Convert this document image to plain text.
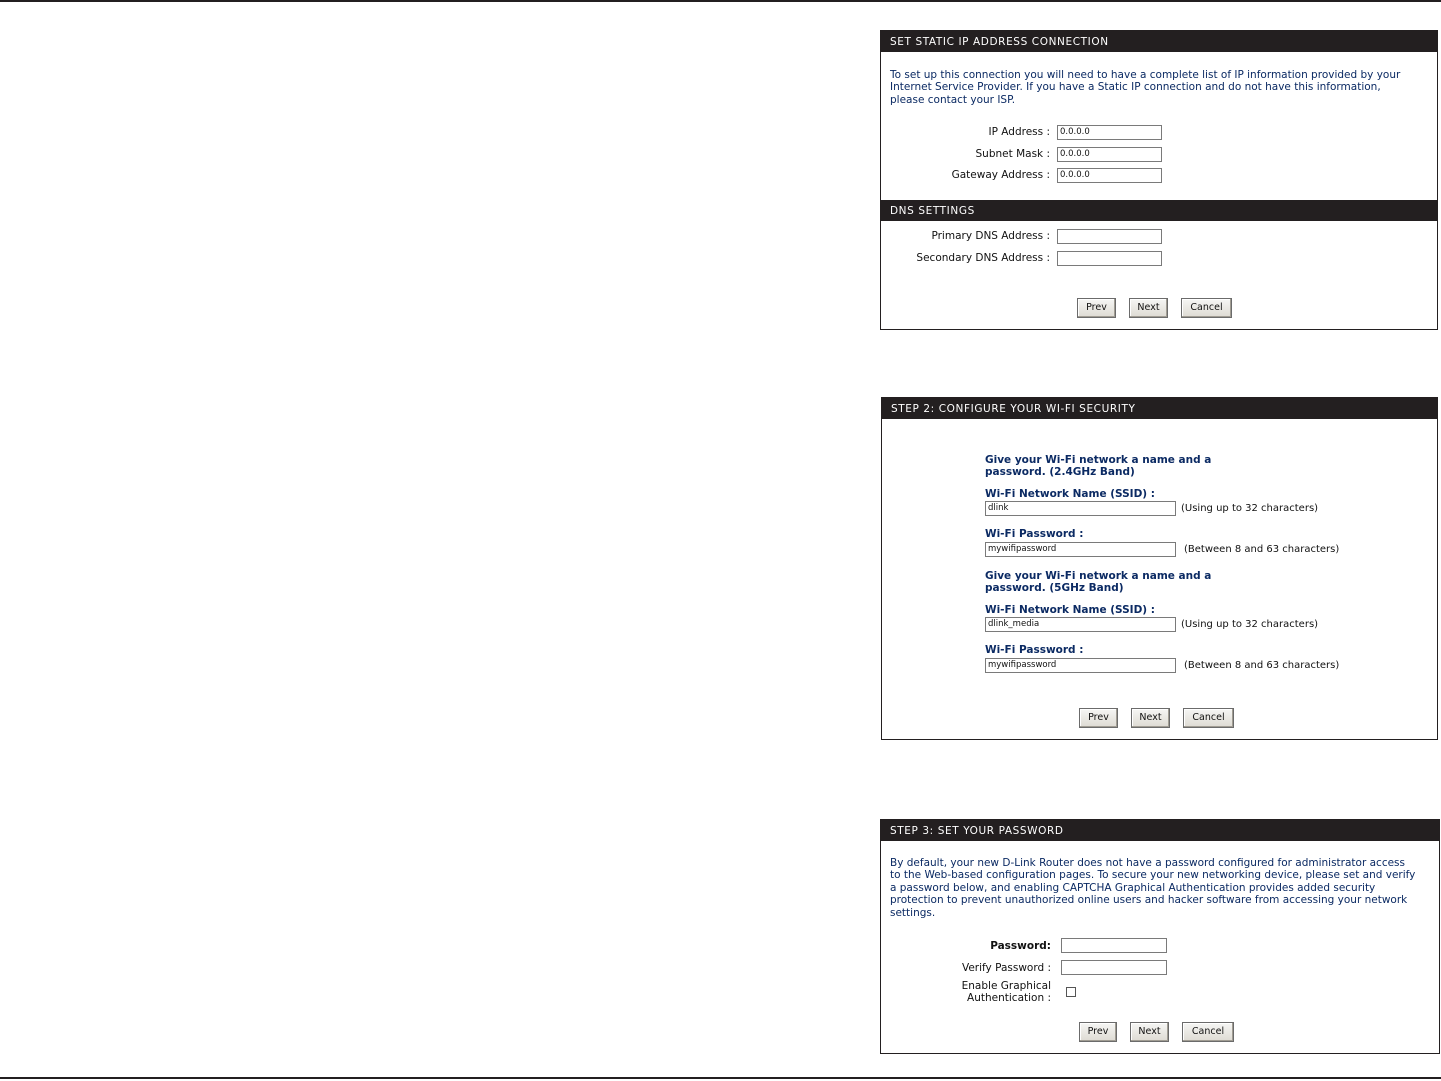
SET STATIC IP ADDRESS CONNECTION
To set up this connection you will need to have a complete list of IP information provided by your
Internet Service Provider. If you have a Static IP connection and do not have this information,
please contact your ISP.
IP Address :	0.0.0.0
Subnet Mask :	0.0.0.0
Gateway Address :	0.0.0.0
DNS SETTINGS
Primary DNS Address :
Secondary DNS Address :
Prev	Next	Cancel
STEP 2: CONFIGURE YOUR WI-FI SECURITY
Give your Wi-Fi network a name and a
password. (2.4GHz Band)
Wi-Fi Network Name (SSID) :
dlink	(Using up to 32 characters)
Wi-Fi Password :
mywifipassword	(Between 8 and 63 characters)
Give your Wi-Fi network a name and a
password. (5GHz Band)
Wi-Fi Network Name (SSID) :
dlink_media	(Using up to 32 characters)
Wi-Fi Password :
mywifipassword	(Between 8 and 63 characters)
Prev	Next	Cancel
STEP 3: SET YOUR PASSWORD
By default, your new D-Link Router does not have a password configured for administrator access
to the Web-based configuration pages. To secure your new networking device, please set and verify
a password below, and enabling CAPTCHA Graphical Authentication provides added security
protection to prevent unauthorized online users and hacker software from accessing your network
settings.
Password:
Verify Password :
Enable Graphical
Authentication :
Prev	Next	Cancel
